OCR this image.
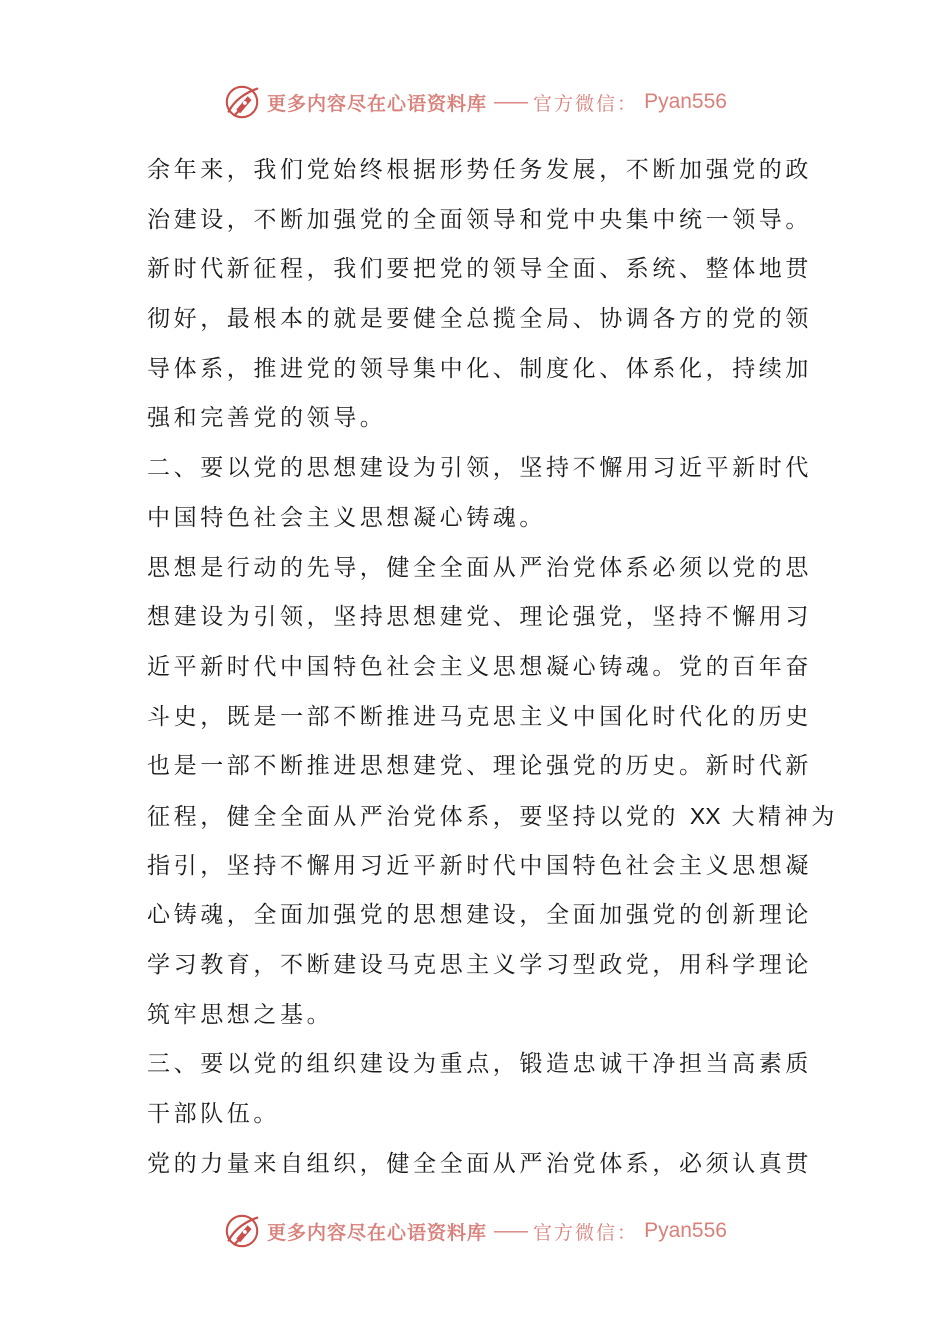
更多内容尽在心语资料库 —— 官方微信： Pyan556
余年来，我们党始终根据形势任务发展，不断加强党的政
治建设，不断加强党的全面领导和党中央集中统一领导。
新时代新征程，我们要把党的领导全面、系统、整体地贯
彻好，最根本的就是要健全总揽全局、协调各方的党的领
导体系，推进党的领导集中化、制度化、体系化，持续加
强和完善党的领导。
二、要以党的思想建设为引领，坚持不懈用习近平新时代
中国特色社会主义思想凝心铸魂。
思想是行动的先导，健全全面从严治党体系必须以党的思
想建设为引领，坚持思想建党、理论强党，坚持不懈用习
近平新时代中国特色社会主义思想凝心铸魂。党的百年奋
斗史，既是一部不断推进马克思主义中国化时代化的历史
也是一部不断推进思想建党、理论强党的历史。新时代新
征程，健全全面从严治党体系，要坚持以党的 XX 大精神为
指引，坚持不懈用习近平新时代中国特色社会主义思想凝
心铸魂，全面加强党的思想建设，全面加强党的创新理论
学习教育，不断建设马克思主义学习型政党，用科学理论
筑牢思想之基。
三、要以党的组织建设为重点，锻造忠诚干净担当高素质
干部队伍。
党的力量来自组织，健全全面从严治党体系，必须认真贯
更多内容尽在心语资料库 —— 官方微信： Pyan556
